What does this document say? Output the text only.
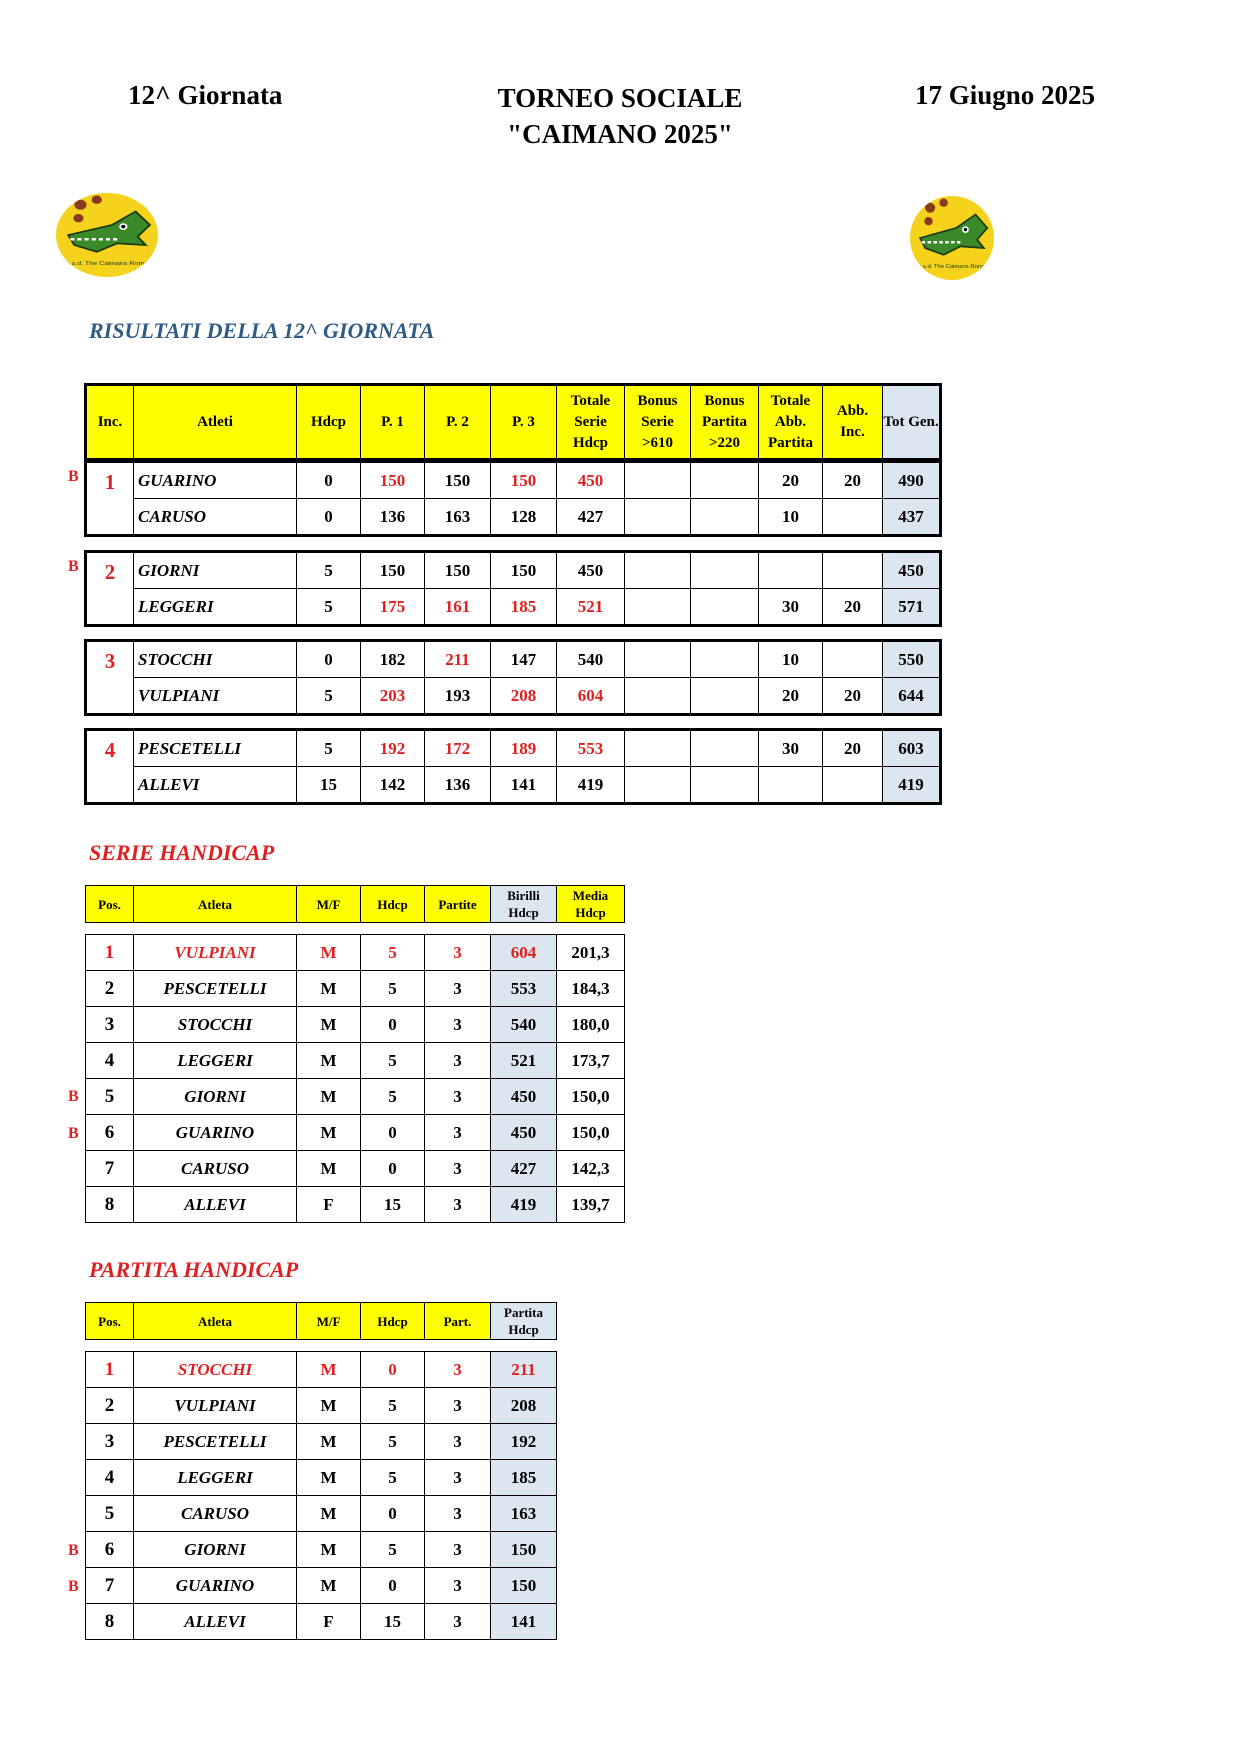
12^ Giornata	TORNEO SOCIALE
"CAIMANO 2025"
17 Giugno 2025
a.s.d. The Caimans Roma
a.s.d. The Caimans Roma
RISULTATI DELLA 12^ GIORNATA
Inc.	Atleti	Hdcp	P. 1	P. 2	P. 3	Totale Serie Hdcp	Bonus Serie >610	Bonus Partita >220	Totale Abb. Partita	Abb. Inc.	Tot Gen.
1	GUARINO	0	150	150	150	450			20	20	490
	CARUSO	0	136	163	128	427			10		437
B
2	GIORNI	5	150	150	150	450					450
	LEGGERI	5	175	161	185	521			30	20	571
B
3	STOCCHI	0	182	211	147	540			10		550
	VULPIANI	5	203	193	208	604			20	20	644
4	PESCETELLI	5	192	172	189	553			30	20	603
	ALLEVI	15	142	136	141	419					419
SERIE HANDICAP
Pos.	Atleta	M/F	Hdcp	Partite	Birilli Hdcp	Media Hdcp
B
B
1	VULPIANI	M	5	3	604	201,3
2	PESCETELLI	M	5	3	553	184,3
3	STOCCHI	M	0	3	540	180,0
4	LEGGERI	M	5	3	521	173,7
5	GIORNI	M	5	3	450	150,0
6	GUARINO	M	0	3	450	150,0
7	CARUSO	M	0	3	427	142,3
8	ALLEVI	F	15	3	419	139,7
PARTITA HANDICAP
Pos.	Atleta	M/F	Hdcp	Part.	Partita Hdcp
B
B
1	STOCCHI	M	0	3	211
2	VULPIANI	M	5	3	208
3	PESCETELLI	M	5	3	192
4	LEGGERI	M	5	3	185
5	CARUSO	M	0	3	163
6	GIORNI	M	5	3	150
7	GUARINO	M	0	3	150
8	ALLEVI	F	15	3	141
